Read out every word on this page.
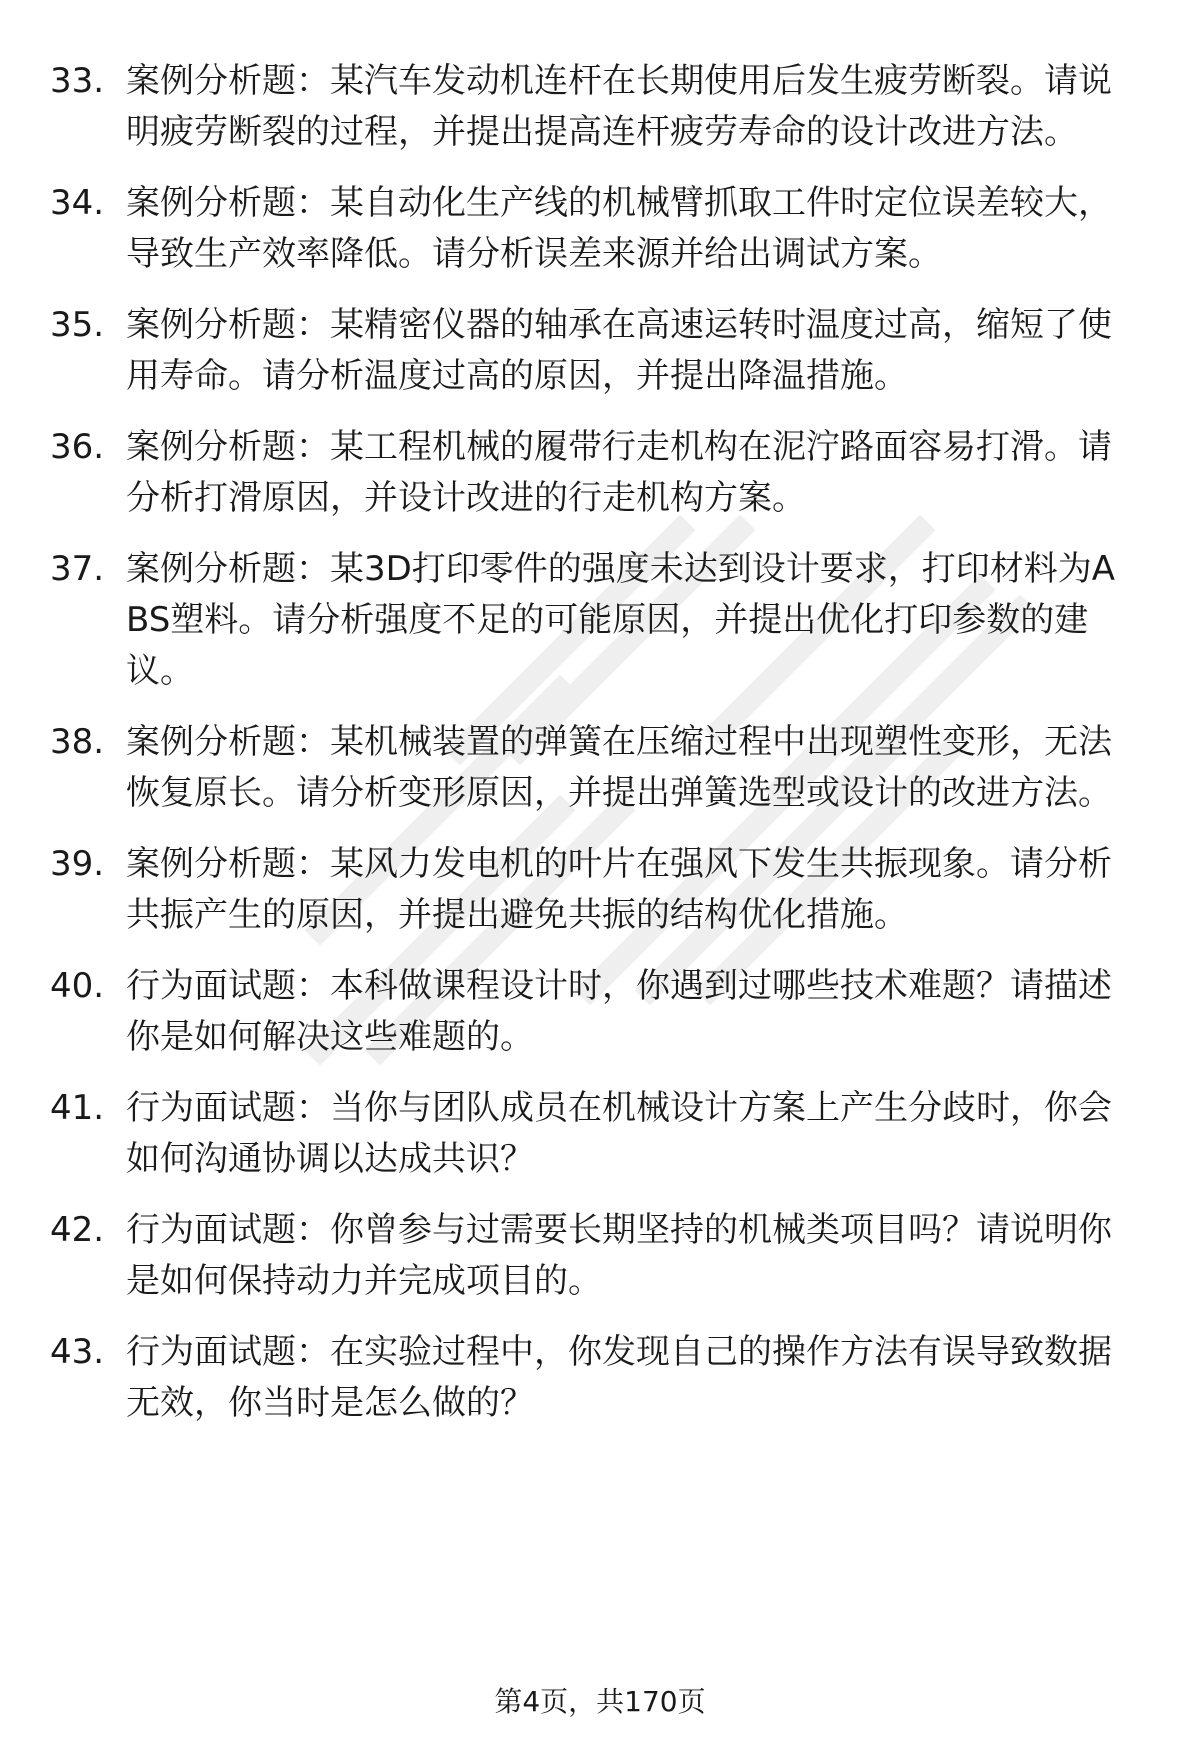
33. 案例分析题：某汽车发动机连杆在长期使用后发生疲劳断裂。请说明疲劳断裂的过程，并提出提高连杆疲劳寿命的设计改进方法。
34. 案例分析题：某自动化生产线的机械臂抓取工件时定位误差较大，导致生产效率降低。请分析误差来源并给出调试方案。
35. 案例分析题：某精密仪器的轴承在高速运转时温度过高，缩短了使用寿命。请分析温度过高的原因，并提出降温措施。
36. 案例分析题：某工程机械的履带行走机构在泥泞路面容易打滑。请分析打滑原因，并设计改进的行走机构方案。
37. 案例分析题：某3D打印零件的强度未达到设计要求，打印材料为ABS塑料。请分析强度不足的可能原因，并提出优化打印参数的建议。
38. 案例分析题：某机械装置的弹簧在压缩过程中出现塑性变形，无法恢复原长。请分析变形原因，并提出弹簧选型或设计的改进方法。
39. 案例分析题：某风力发电机的叶片在强风下发生共振现象。请分析共振产生的原因，并提出避免共振的结构优化措施。
40. 行为面试题：本科做课程设计时，你遇到过哪些技术难题？请描述你是如何解决这些难题的。
41. 行为面试题：当你与团队成员在机械设计方案上产生分歧时，你会如何沟通协调以达成共识？
42. 行为面试题：你曾参与过需要长期坚持的机械类项目吗？请说明你是如何保持动力并完成项目的。
43. 行为面试题：在实验过程中，你发现自己的操作方法有误导致数据无效，你当时是怎么做的？
第4页，共170页
